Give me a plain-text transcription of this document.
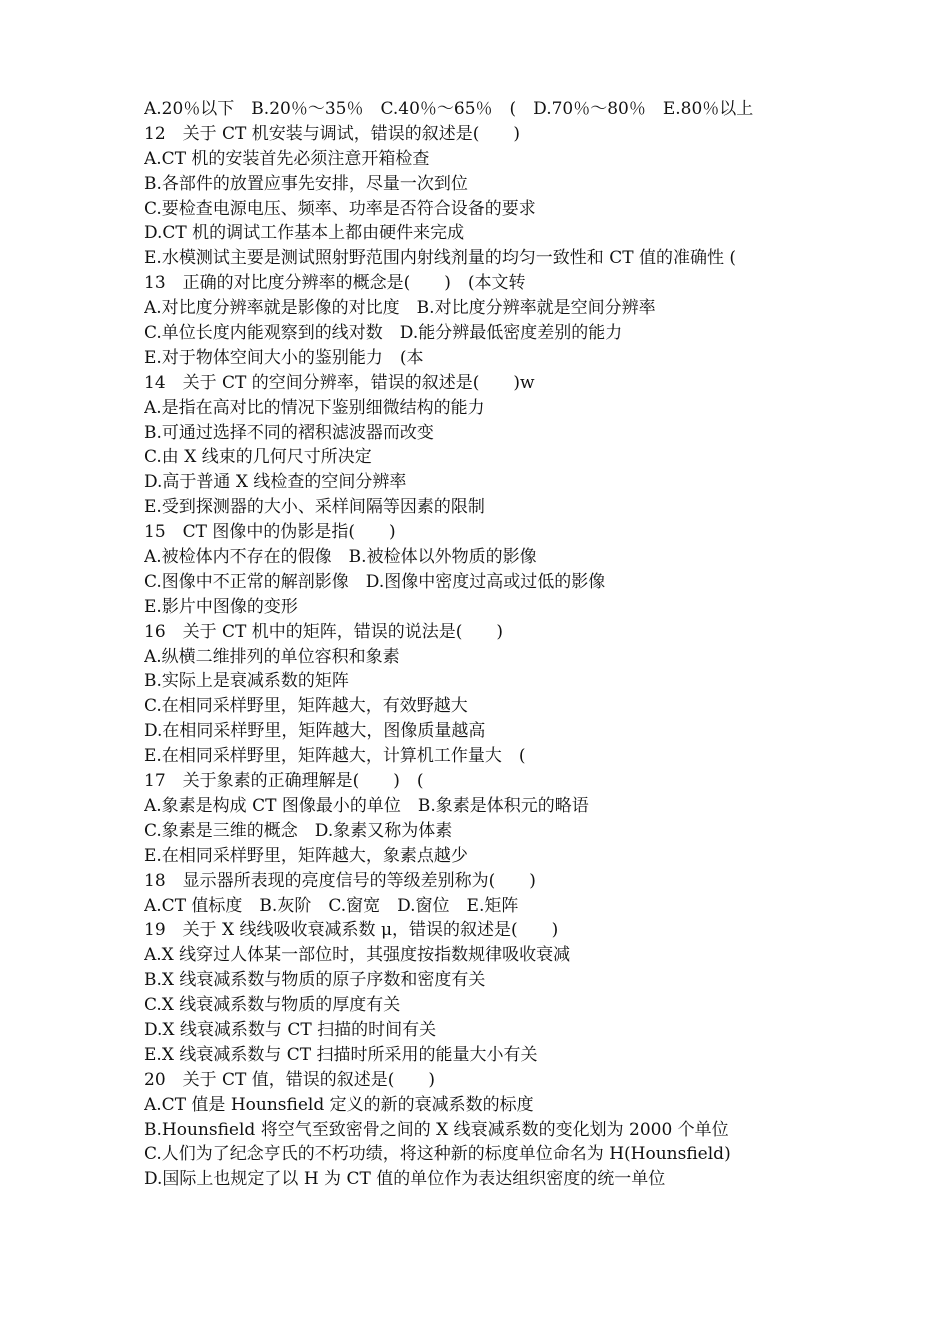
A.20％以下　B.20％～35％　C.40％～65％　(　D.70％～80％　E.80％以上
12　关于 CT 机安装与调试，错误的叙述是(　　)
A.CT 机的安装首先必须注意开箱检查
B.各部件的放置应事先安排，尽量一次到位
C.要检查电源电压、频率、功率是否符合设备的要求
D.CT 机的调试工作基本上都由硬件来完成
E.水模测试主要是测试照射野范围内射线剂量的均匀一致性和 CT 值的准确性 (
13　正确的对比度分辨率的概念是(　　)　(本文转
A.对比度分辨率就是影像的对比度　B.对比度分辨率就是空间分辨率
C.单位长度内能观察到的线对数　D.能分辨最低密度差别的能力
E.对于物体空间大小的鉴别能力　(本
14　关于 CT 的空间分辨率，错误的叙述是(　　)w
A.是指在高对比的情况下鉴别细微结构的能力
B.可通过选择不同的褶积滤波器而改变
C.由 X 线束的几何尺寸所决定
D.高于普通 X 线检查的空间分辨率
E.受到探测器的大小、采样间隔等因素的限制
15　CT 图像中的伪影是指(　　)
A.被检体内不存在的假像　B.被检体以外物质的影像
C.图像中不正常的解剖影像　D.图像中密度过高或过低的影像
E.影片中图像的变形
16　关于 CT 机中的矩阵，错误的说法是(　　)
A.纵横二维排列的单位容积和象素
B.实际上是衰减系数的矩阵
C.在相同采样野里，矩阵越大，有效野越大
D.在相同采样野里，矩阵越大，图像质量越高
E.在相同采样野里，矩阵越大，计算机工作量大　(
17　关于象素的正确理解是(　　)　(
A.象素是构成 CT 图像最小的单位　B.象素是体积元的略语
C.象素是三维的概念　D.象素又称为体素
E.在相同采样野里，矩阵越大，象素点越少
18　显示器所表现的亮度信号的等级差别称为(　　)
A.CT 值标度　B.灰阶　C.窗宽　D.窗位　E.矩阵
19　关于 X 线线吸收衰减系数 μ，错误的叙述是(　　)
A.X 线穿过人体某一部位时，其强度按指数规律吸收衰减
B.X 线衰减系数与物质的原子序数和密度有关
C.X 线衰减系数与物质的厚度有关
D.X 线衰减系数与 CT 扫描的时间有关
E.X 线衰减系数与 CT 扫描时所采用的能量大小有关
20　关于 CT 值，错误的叙述是(　　)
A.CT 值是 Hounsfield 定义的新的衰减系数的标度
B.Hounsfield 将空气至致密骨之间的 X 线衰减系数的变化划为 2000 个单位
C.人们为了纪念亨氏的不朽功绩，将这种新的标度单位命名为 H(Hounsfield)
D.国际上也规定了以 H 为 CT 值的单位作为表达组织密度的统一单位
